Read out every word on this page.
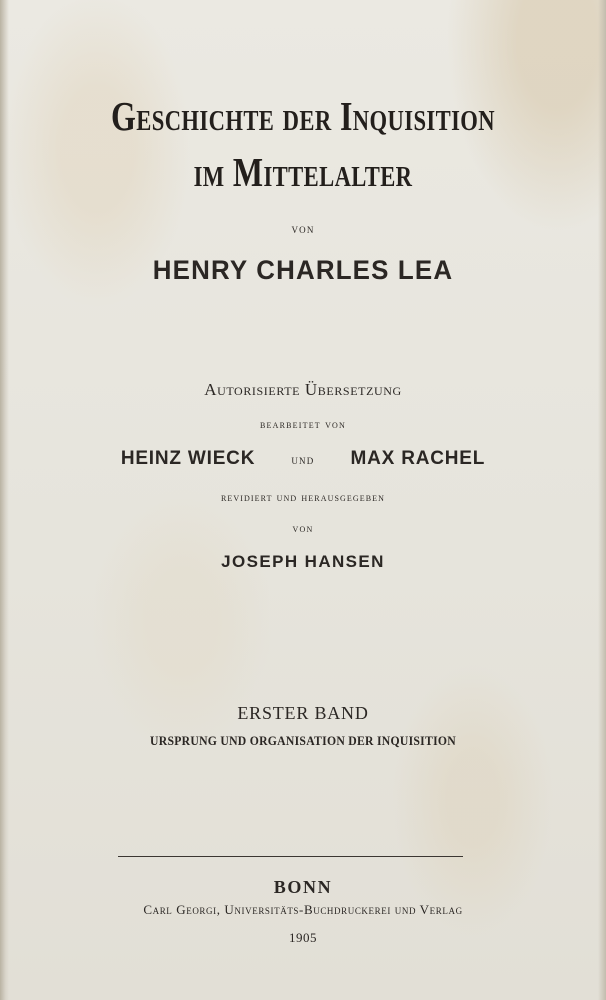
Geschichte der Inquisition
im Mittelalter
von
HENRY CHARLES LEA
Autorisierte Übersetzung
bearbeitet von
HEINZ WIECK	und MAX RACHEL
revidiert und herausgegeben
von
JOSEPH HANSEN
ERSTER BAND
URSPRUNG UND ORGANISATION DER INQUISITION
BONN
Carl Georgi, Universitäts-Buchdruckerei und Verlag
1905
